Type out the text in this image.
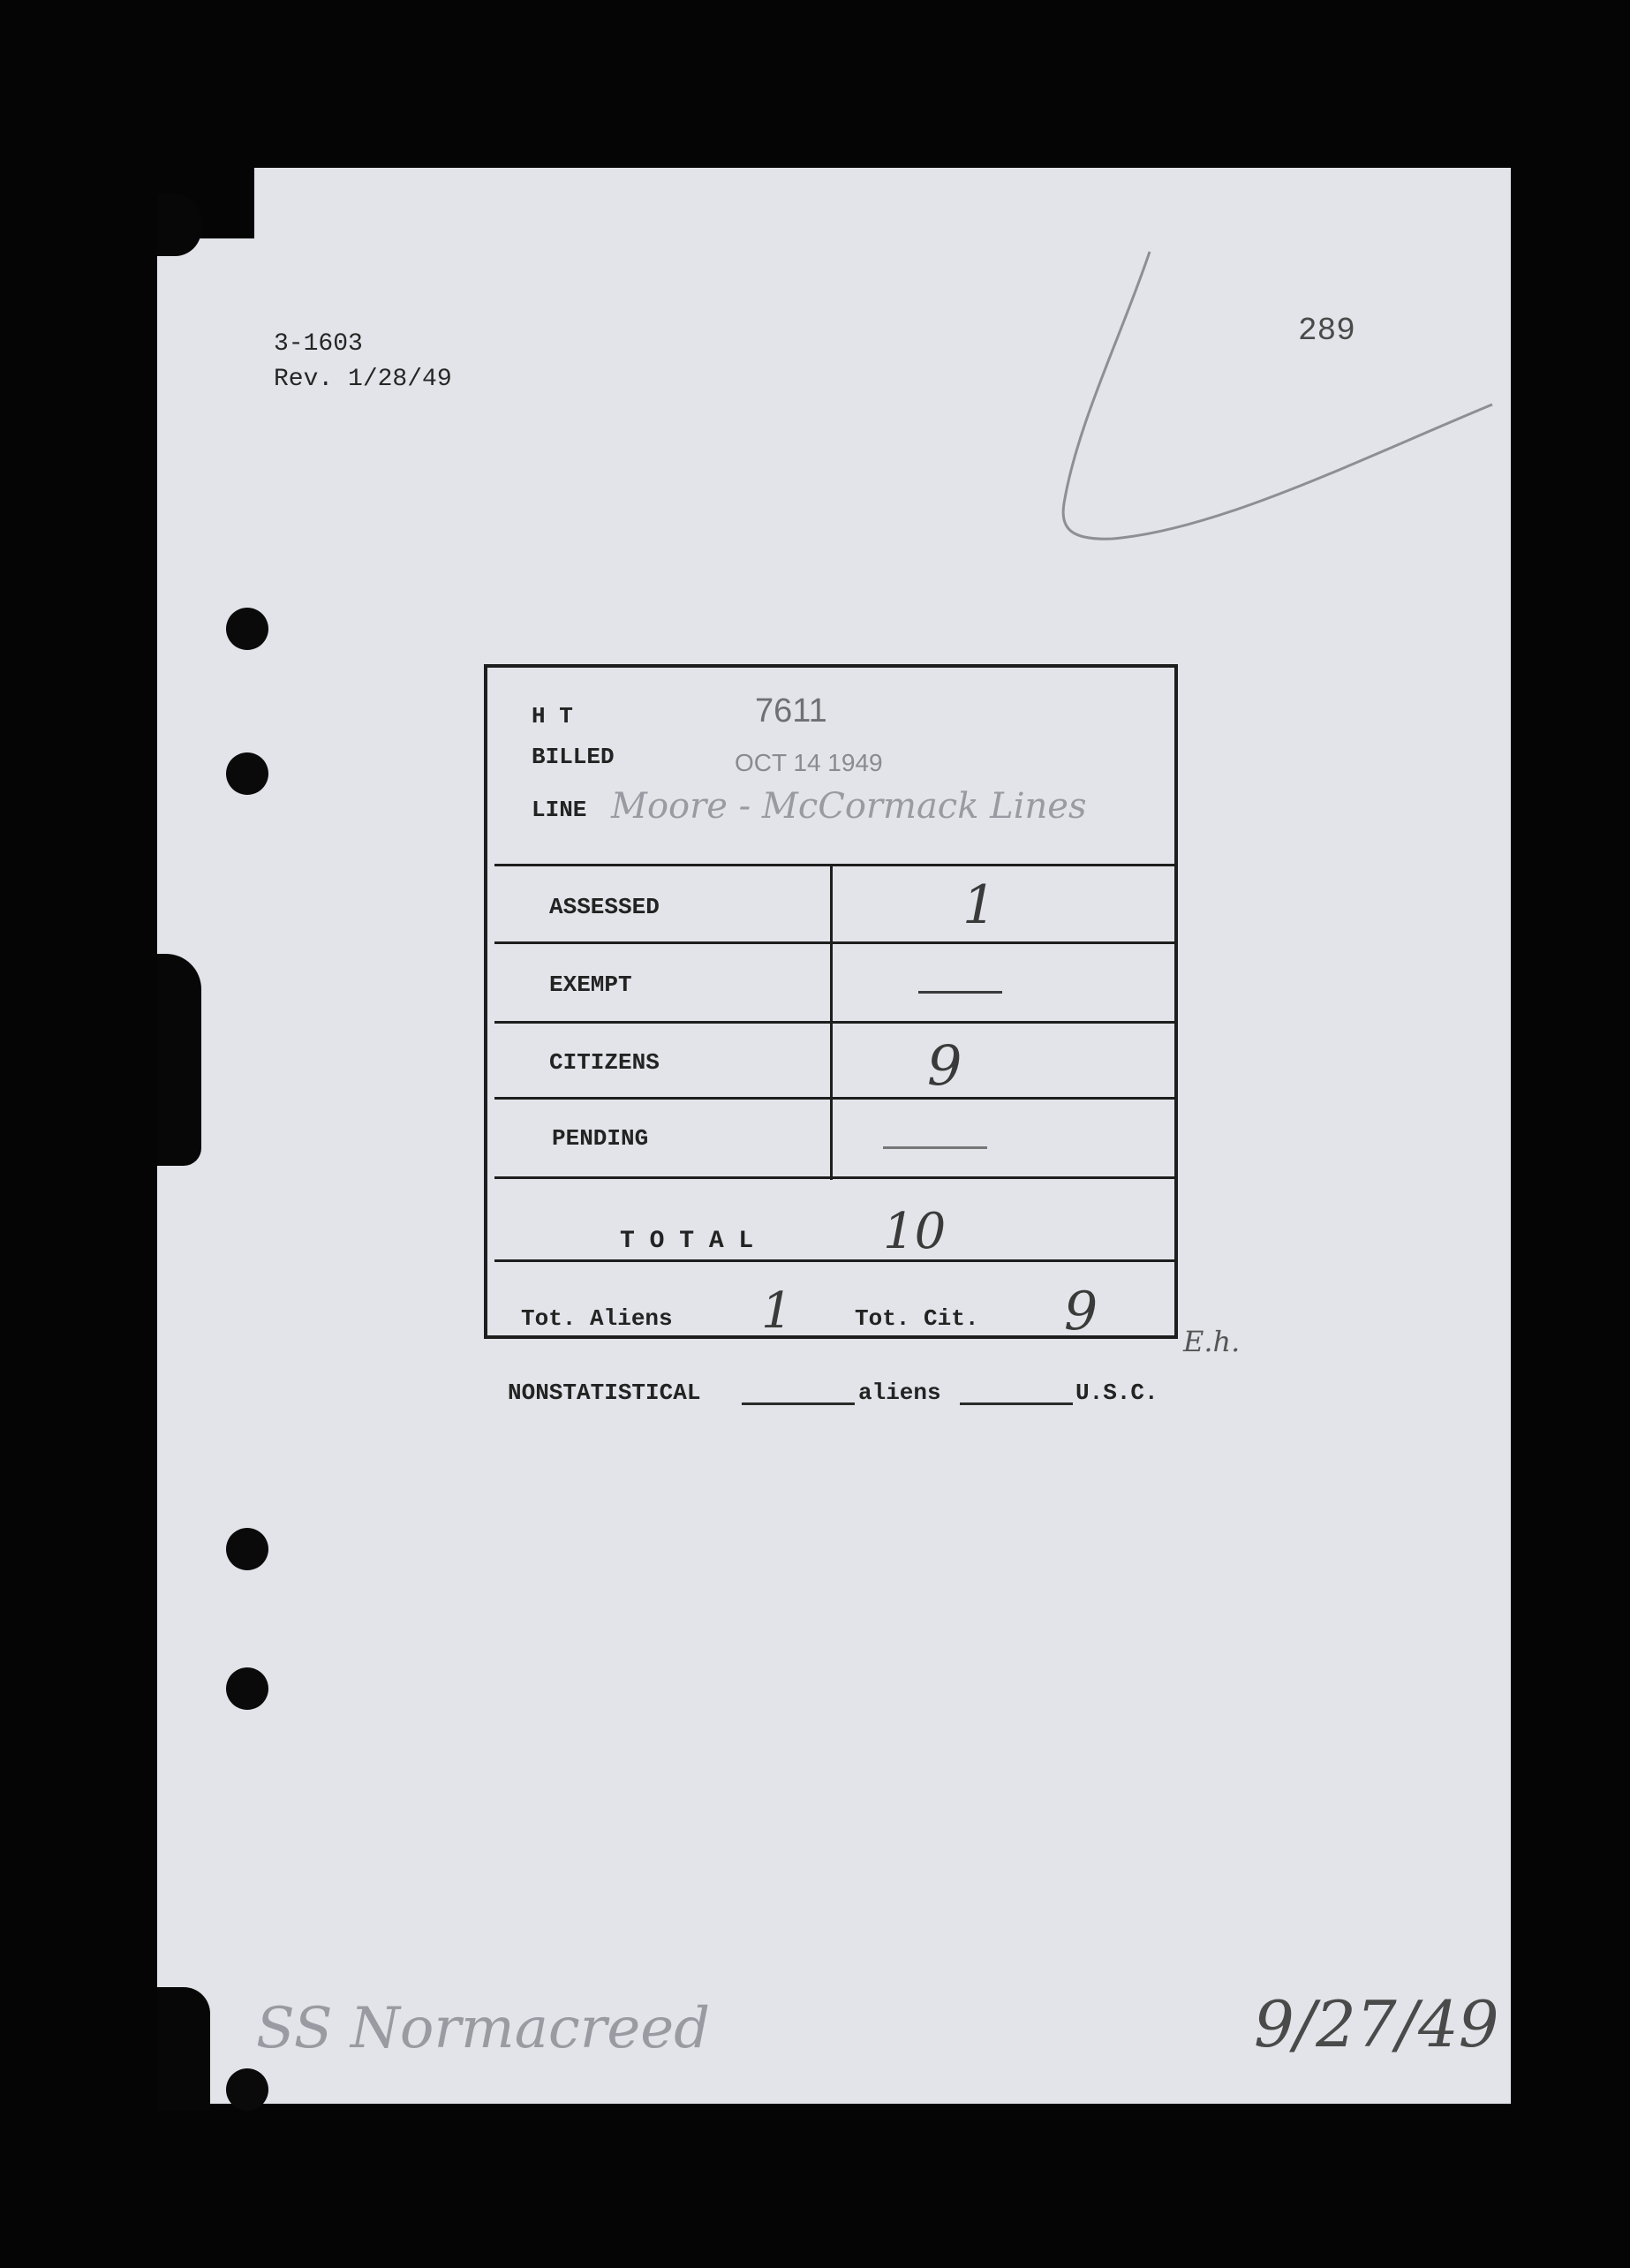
3-1603
Rev. 1/28/49
289
H T	7611
BILLED	OCT 14 1949
LINE Moore - McCormack Lines
ASSESSED	1
EXEMPT
CITIZENS	9
PENDING
T O T A L	10
Tot. Aliens 1	Tot. Cit. 9	E.h.
NONSTATISTICAL	aliens	U.S.C.
SS Normacreed	9/27/49
